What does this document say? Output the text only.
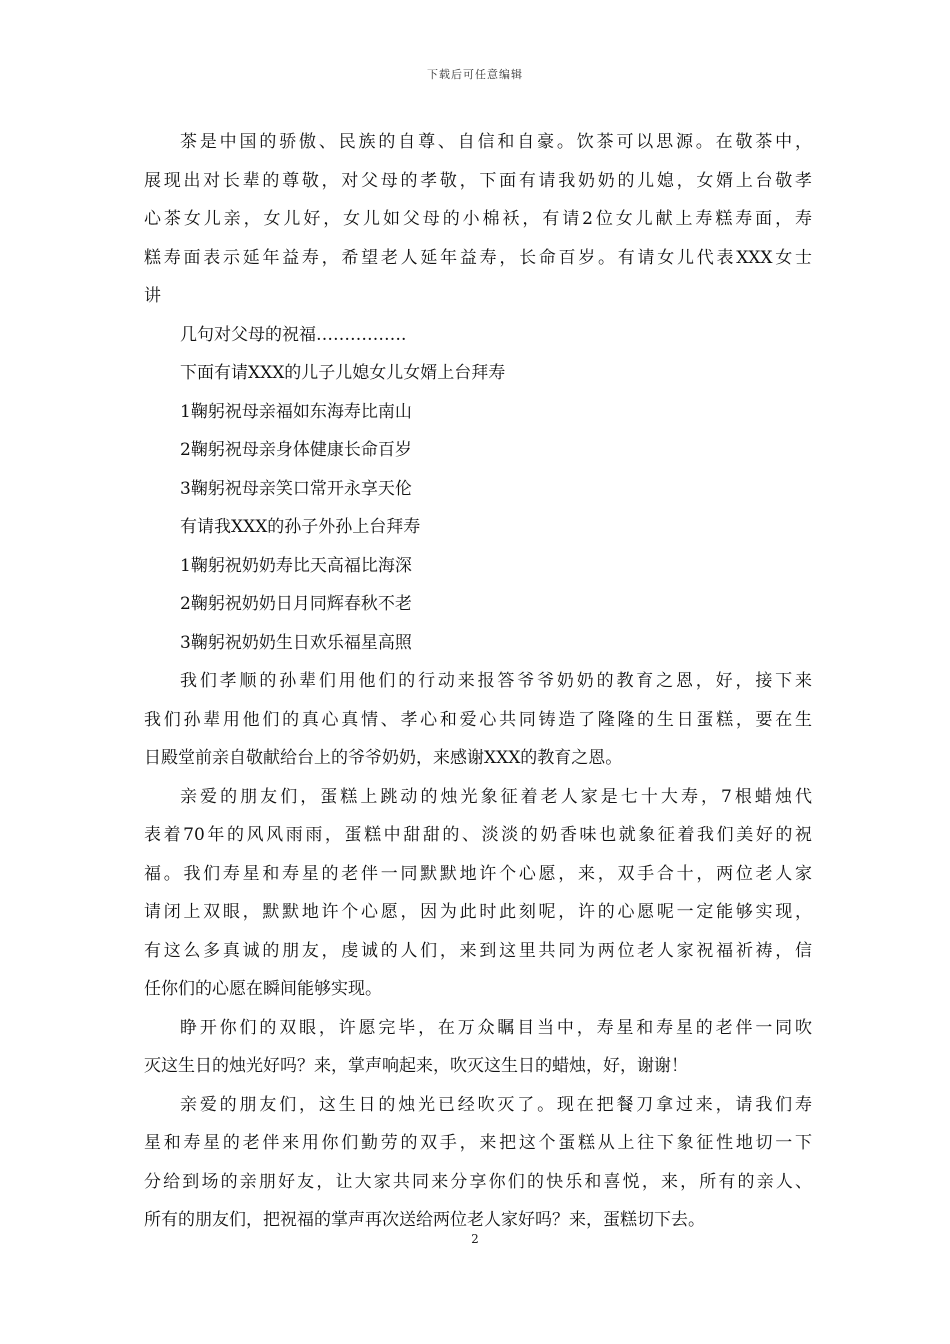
下载后可任意编辑

茶是中国的骄傲、民族的自尊、自信和自豪。饮茶可以思源。在敬茶中，

展现出对长辈的尊敬，对父母的孝敬，下面有请我奶奶的儿媳，女婿上台敬孝

心茶女儿亲，女儿好，女儿如父母的小棉袄，有请2位女儿献上寿糕寿面，寿

糕寿面表示延年益寿，希望老人延年益寿，长命百岁。有请女儿代表XXX女士

讲

几句对父母的祝福…………….

下面有请XXX的儿子儿媳女儿女婿上台拜寿

1鞠躬祝母亲福如东海寿比南山

2鞠躬祝母亲身体健康长命百岁

3鞠躬祝母亲笑口常开永享天伦

有请我XXX的孙子外孙上台拜寿

1鞠躬祝奶奶寿比天高福比海深

2鞠躬祝奶奶日月同辉春秋不老

3鞠躬祝奶奶生日欢乐福星高照

我们孝顺的孙辈们用他们的行动来报答爷爷奶奶的教育之恩，好，接下来

我们孙辈用他们的真心真情、孝心和爱心共同铸造了隆隆的生日蛋糕，要在生

日殿堂前亲自敬献给台上的爷爷奶奶，来感谢XXX的教育之恩。

亲爱的朋友们，蛋糕上跳动的烛光象征着老人家是七十大寿，7根蜡烛代

表着70年的风风雨雨，蛋糕中甜甜的、淡淡的奶香味也就象征着我们美好的祝

福。我们寿星和寿星的老伴一同默默地许个心愿，来，双手合十，两位老人家

请闭上双眼，默默地许个心愿，因为此时此刻呢，许的心愿呢一定能够实现，

有这么多真诚的朋友，虔诚的人们，来到这里共同为两位老人家祝福祈祷，信

任你们的心愿在瞬间能够实现。

睁开你们的双眼，许愿完毕，在万众瞩目当中，寿星和寿星的老伴一同吹

灭这生日的烛光好吗？来，掌声响起来，吹灭这生日的蜡烛，好，谢谢！

亲爱的朋友们，这生日的烛光已经吹灭了。现在把餐刀拿过来，请我们寿

星和寿星的老伴来用你们勤劳的双手，来把这个蛋糕从上往下象征性地切一下

分给到场的亲朋好友，让大家共同来分享你们的快乐和喜悦，来，所有的亲人、

所有的朋友们，把祝福的掌声再次送给两位老人家好吗？来，蛋糕切下去。

2
